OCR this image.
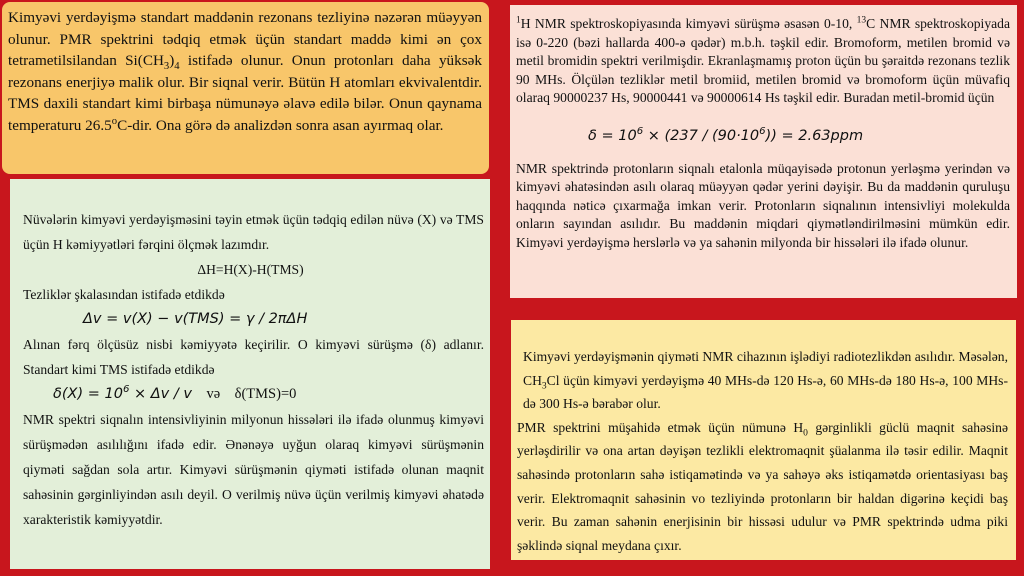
Kimyəvi yerdəyişmə standart maddənin rezonans tezliyinə nəzərən müəyyən olunur. PMR spektrini tədqiq etmək üçün standart maddə kimi ən çox tetrametilsilandan $Si(CH_3)_4$ istifadə olunur. Onun protonları daha yüksək rezonans enerjiyə malik olur. Bir siqnal verir. Bütün H atomları ekvivalentdir. TMS daxili standart kimi birbaşa nümunəyə əlavə edilə bilər. Onun qaynama temperaturu 26.5$^o$C-dir. Ona görə də analizdən sonra asan ayırmaq olar.

$^1$H NMR spektroskopiyasında kimyəvi sürüşmə əsasən 0-10, $^{13}$C NMR spektroskopiyada isə 0-220 (bəzi hallarda 400-ə qədər) m.b.h. təşkil edir. Bromoform, metilen bromid və metil bromidin spektri verilmişdir. Ekranlaşmamış proton üçün bu şəraitdə rezonans tezlik 90 MHs. Ölçülən tezliklər metil bromiid, metilen bromid və bromoform üçün müvafiq olaraq 90000237 Hs, 90000441 və 90000614 Hs təşkil edir. Buradan metil-bromid üçün

$\delta = 10^6 \times (237 / (90\cdot 10^6)) = 2.63ppm$

NMR spektrində protonların siqnalı etalonla müqayisədə protonun yerləşmə yerindən və kimyəvi əhatəsindən asılı olaraq müəyyən qədər yerini dəyişir. Bu da maddənin quruluşu haqqında nəticə çıxarmağa imkan verir. Protonların siqnalının intensivliyi molekulda onların sayından asılıdır. Bu maddənin miqdari qiymətləndirilməsini mümkün edir. Kimyəvi yerdəyişmə herslərlə və ya sahənin milyonda bir hissələri ilə ifadə olunur.

Nüvələrin kimyəvi yerdəyişməsini təyin etmək üçün tədqiq edilən nüvə (X) və TMS üçün H kəmiyyətləri fərqini ölçmək lazımdır.

ΔH=H(X)-H(TMS)

Tezliklər şkalasından istifadə etdikdə

Δv = v(X) − v(TMS) = γ / 2πΔH

Alınan fərq ölçüsüz nisbi kəmiyyətə keçirilir. O kimyəvi sürüşmə (δ) adlanır. Standart kimi TMS istifadə etdikdə

$\delta(X) = 10^6 \times \Delta v / v$ və δ(TMS)=0

NMR spektri siqnalın intensivliyinin milyonun hissələri ilə ifadə olunmuş kimyəvi sürüşmədən asılılığını ifadə edir. Ənənəyə uyğun olaraq kimyəvi sürüşmənin qiyməti sağdan sola artır. Kimyəvi sürüşmənin qiyməti istifadə olunan maqnit sahəsinin gərginliyindən asılı deyil. O verilmiş nüvə üçün verilmiş kimyəvi əhatədə xarakteristik kəmiyyətdir.

Kimyəvi yerdəyişmənin qiyməti NMR cihazının işlədiyi radiotezlikdən asılıdır. Məsələn, $CH_3Cl$ üçün kimyəvi yerdəyişmə 40 MHs-də 120 Hs-ə, 60 MHs-də 180 Hs-ə, 100 MHs-də 300 Hs-ə bərabər olur.

PMR spektrini müşahidə etmək üçün nümunə $H_0$ gərginlikli güclü maqnit sahəsinə yerləşdirilir və ona artan dəyişən tezlikli elektromaqnit şüalanma ilə təsir edilir. Maqnit sahəsində protonların sahə istiqamətində və ya sahəyə əks istiqamətdə orientasiyası baş verir. Elektromaqnit sahəsinin vo tezliyində protonların bir haldan digərinə keçidi baş verir. Bu zaman sahənin enerjisinin bir hissəsi udulur və PMR spektrində udma piki şəklində siqnal meydana çıxır.
